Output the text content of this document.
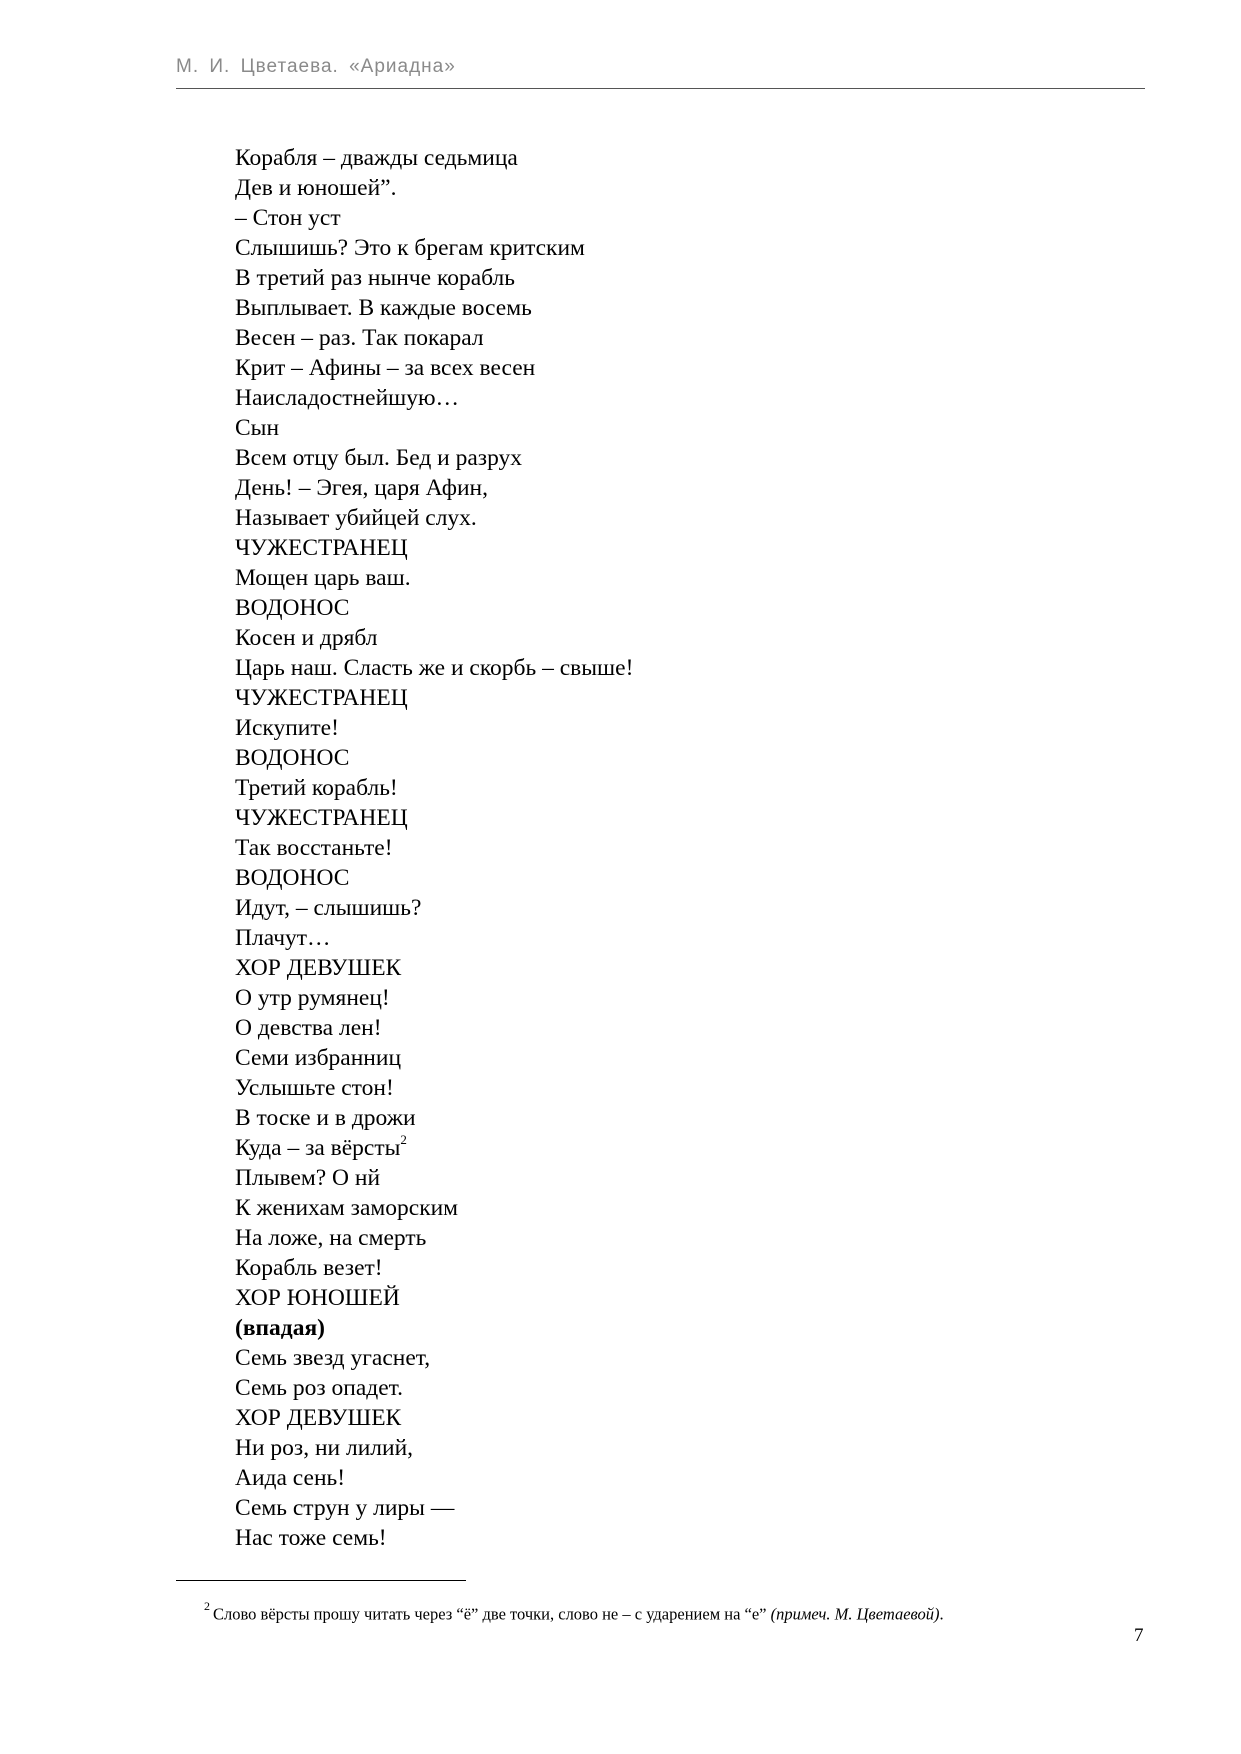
М. И. Цветаева. «Ариадна»
Корабля – дважды седьмица
Дев и юношей”.
– Стон уст
Слышишь? Это к брегам критским
В третий раз нынче корабль
Выплывает. В каждые восемь
Весен – раз. Так покарал
Крит – Афины – за всех весен
Наисладостнейшую…
Сын
Всем отцу был. Бед и разрух
День! – Эгея, царя Афин,
Называет убийцей слух.
ЧУЖЕСТРАНЕЦ
Мощен царь ваш.
ВОДОНОС
Косен и дрябл
Царь наш. Сласть же и скорбь – свыше!
ЧУЖЕСТРАНЕЦ
Искупите!
ВОДОНОС
Третий корабль!
ЧУЖЕСТРАНЕЦ
Так восстаньте!
ВОДОНОС
Идут, – слышишь?
Плачут…
ХОР ДЕВУШЕК
О утр румянец!
О девства лен!
Семи избранниц
Услышьте стон!
В тоске и в дрожи
Куда – за вёрсты$^2$
Плывем? О нй
К женихам заморским
На ложе, на смерть
Корабль везет!
ХОР ЮНОШЕЙ
(впадая)
Семь звезд угаснет,
Семь роз опадет.
ХОР ДЕВУШЕК
Ни роз, ни лилий,
Аида сень!
Семь струн у лиры —
Нас тоже семь!
$^2$ Слово вёрсты прошу читать через “ё” две точки, слово не – с ударением на “е” (примеч. М. Цветаевой).
7
